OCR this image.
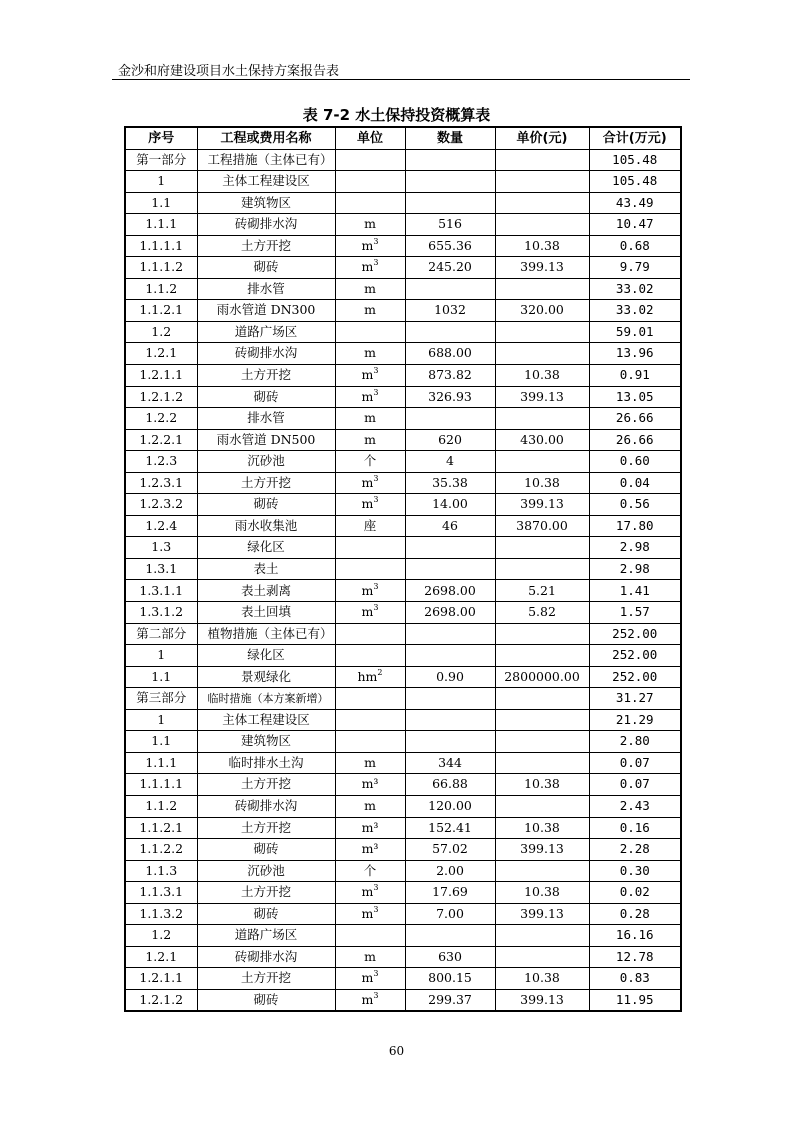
金沙和府建设项目水土保持方案报告表
表 7-2 水土保持投资概算表
序号	工程或费用名称	单位	数量	单价(元)	合计(万元)
第一部分	工程措施（主体已有）				105.48
1	主体工程建设区				105.48
1.1	建筑物区				43.49
1.1.1	砖砌排水沟	m	516		10.47
1.1.1.1	土方开挖	$m^3$	655.36	10.38	0.68
1.1.1.2	砌砖	$m^3$	245.20	399.13	9.79
1.1.2	排水管	m			33.02
1.1.2.1	雨水管道 DN300	m	1032	320.00	33.02
1.2	道路广场区				59.01
1.2.1	砖砌排水沟	m	688.00		13.96
1.2.1.1	土方开挖	$m^3$	873.82	10.38	0.91
1.2.1.2	砌砖	$m^3$	326.93	399.13	13.05
1.2.2	排水管	m			26.66
1.2.2.1	雨水管道 DN500	m	620	430.00	26.66
1.2.3	沉砂池	个	4		0.60
1.2.3.1	土方开挖	$m^3$	35.38	10.38	0.04
1.2.3.2	砌砖	$m^3$	14.00	399.13	0.56
1.2.4	雨水收集池	座	46	3870.00	17.80
1.3	绿化区				2.98
1.3.1	表土				2.98
1.3.1.1	表土剥离	$m^3$	2698.00	5.21	1.41
1.3.1.2	表土回填	$m^3$	2698.00	5.82	1.57
第二部分	植物措施（主体已有）				252.00
1	绿化区				252.00
1.1	景观绿化	$hm^2$	0.90	2800000.00	252.00
第三部分	临时措施（本方案新增）				31.27
1	主体工程建设区				21.29
1.1	建筑物区				2.80
1.1.1	临时排水土沟	m	344		0.07
1.1.1.1	土方开挖	m³	66.88	10.38	0.07
1.1.2	砖砌排水沟	m	120.00		2.43
1.1.2.1	土方开挖	m³	152.41	10.38	0.16
1.1.2.2	砌砖	m³	57.02	399.13	2.28
1.1.3	沉砂池	个	2.00		0.30
1.1.3.1	土方开挖	$m^3$	17.69	10.38	0.02
1.1.3.2	砌砖	$m^3$	7.00	399.13	0.28
1.2	道路广场区				16.16
1.2.1	砖砌排水沟	m	630		12.78
1.2.1.1	土方开挖	$m^3$	800.15	10.38	0.83
1.2.1.2	砌砖	$m^3$	299.37	399.13	11.95
60
